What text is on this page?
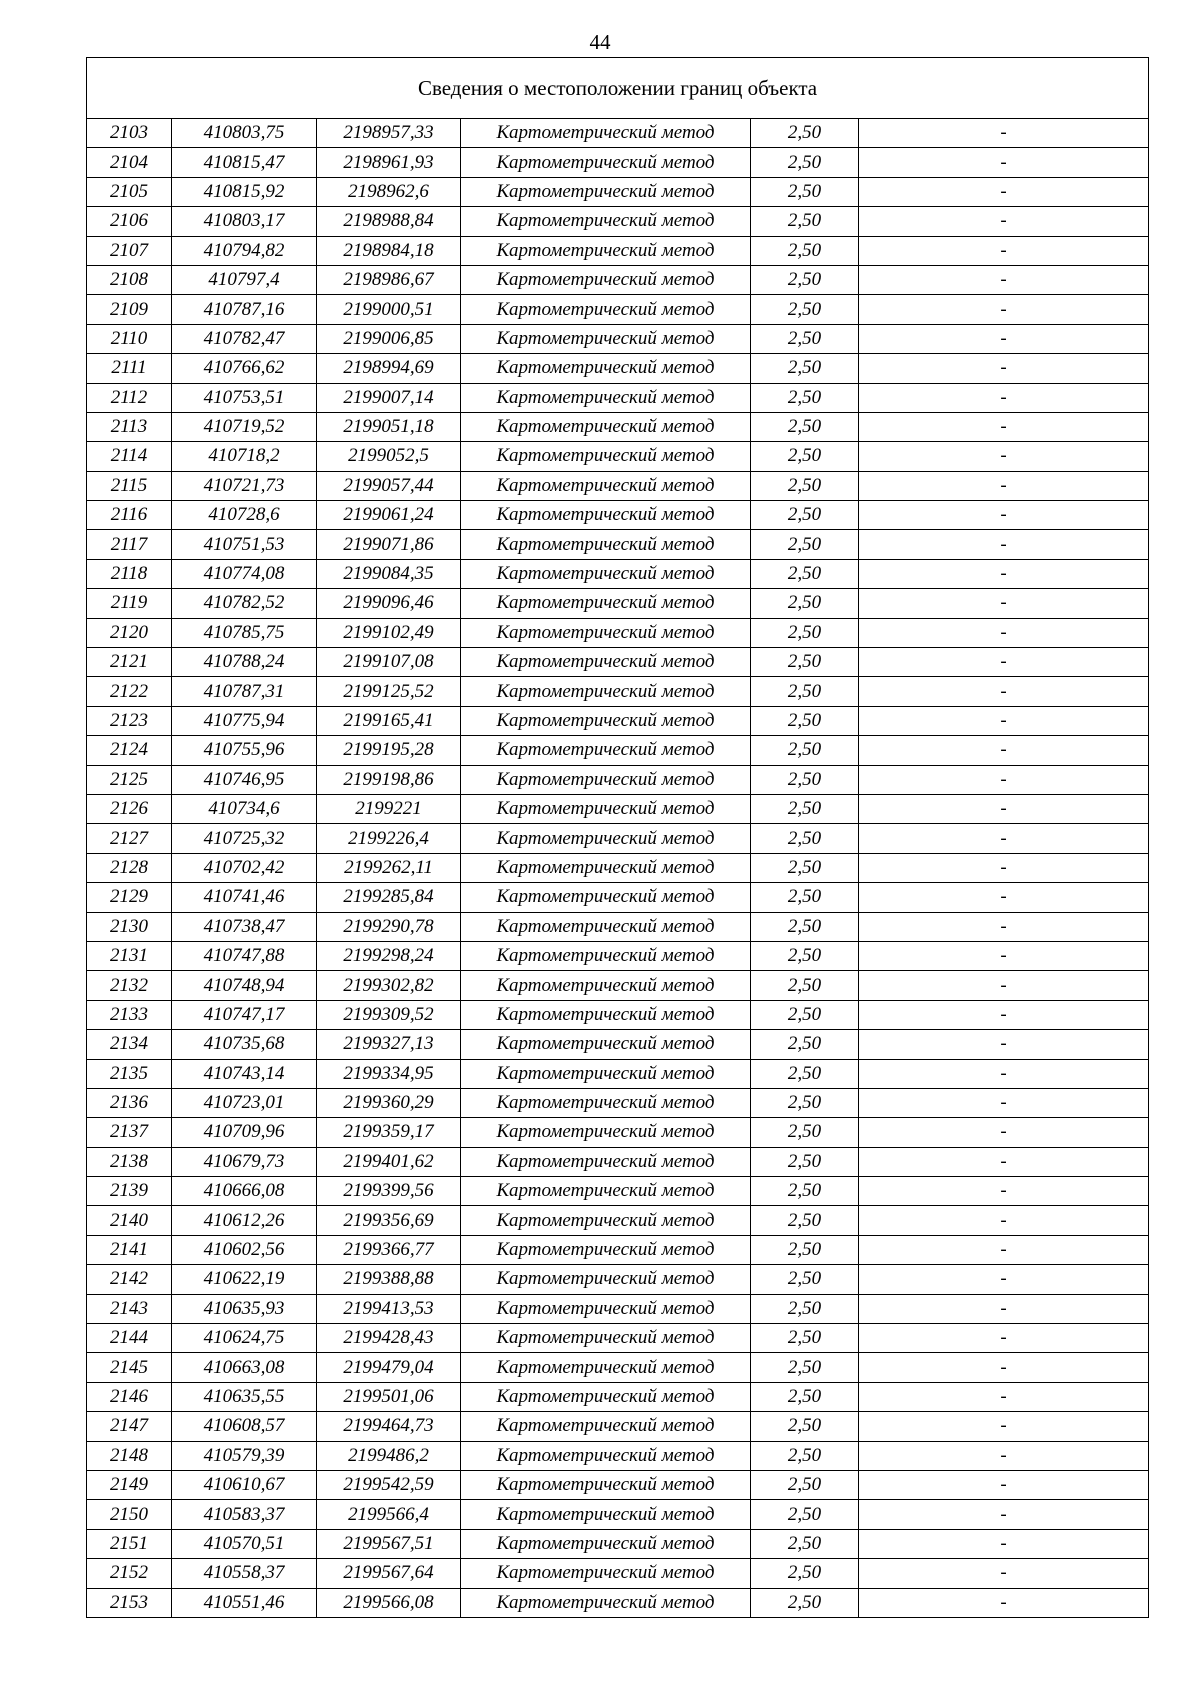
44
Сведения о местоположении границ объекта					
2103	410803,75	2198957,33	Картометрический метод	2,50	-
2104	410815,47	2198961,93	Картометрический метод	2,50	-
2105	410815,92	2198962,6	Картометрический метод	2,50	-
2106	410803,17	2198988,84	Картометрический метод	2,50	-
2107	410794,82	2198984,18	Картометрический метод	2,50	-
2108	410797,4	2198986,67	Картометрический метод	2,50	-
2109	410787,16	2199000,51	Картометрический метод	2,50	-
2110	410782,47	2199006,85	Картометрический метод	2,50	-
2111	410766,62	2198994,69	Картометрический метод	2,50	-
2112	410753,51	2199007,14	Картометрический метод	2,50	-
2113	410719,52	2199051,18	Картометрический метод	2,50	-
2114	410718,2	2199052,5	Картометрический метод	2,50	-
2115	410721,73	2199057,44	Картометрический метод	2,50	-
2116	410728,6	2199061,24	Картометрический метод	2,50	-
2117	410751,53	2199071,86	Картометрический метод	2,50	-
2118	410774,08	2199084,35	Картометрический метод	2,50	-
2119	410782,52	2199096,46	Картометрический метод	2,50	-
2120	410785,75	2199102,49	Картометрический метод	2,50	-
2121	410788,24	2199107,08	Картометрический метод	2,50	-
2122	410787,31	2199125,52	Картометрический метод	2,50	-
2123	410775,94	2199165,41	Картометрический метод	2,50	-
2124	410755,96	2199195,28	Картометрический метод	2,50	-
2125	410746,95	2199198,86	Картометрический метод	2,50	-
2126	410734,6	2199221	Картометрический метод	2,50	-
2127	410725,32	2199226,4	Картометрический метод	2,50	-
2128	410702,42	2199262,11	Картометрический метод	2,50	-
2129	410741,46	2199285,84	Картометрический метод	2,50	-
2130	410738,47	2199290,78	Картометрический метод	2,50	-
2131	410747,88	2199298,24	Картометрический метод	2,50	-
2132	410748,94	2199302,82	Картометрический метод	2,50	-
2133	410747,17	2199309,52	Картометрический метод	2,50	-
2134	410735,68	2199327,13	Картометрический метод	2,50	-
2135	410743,14	2199334,95	Картометрический метод	2,50	-
2136	410723,01	2199360,29	Картометрический метод	2,50	-
2137	410709,96	2199359,17	Картометрический метод	2,50	-
2138	410679,73	2199401,62	Картометрический метод	2,50	-
2139	410666,08	2199399,56	Картометрический метод	2,50	-
2140	410612,26	2199356,69	Картометрический метод	2,50	-
2141	410602,56	2199366,77	Картометрический метод	2,50	-
2142	410622,19	2199388,88	Картометрический метод	2,50	-
2143	410635,93	2199413,53	Картометрический метод	2,50	-
2144	410624,75	2199428,43	Картометрический метод	2,50	-
2145	410663,08	2199479,04	Картометрический метод	2,50	-
2146	410635,55	2199501,06	Картометрический метод	2,50	-
2147	410608,57	2199464,73	Картометрический метод	2,50	-
2148	410579,39	2199486,2	Картометрический метод	2,50	-
2149	410610,67	2199542,59	Картометрический метод	2,50	-
2150	410583,37	2199566,4	Картометрический метод	2,50	-
2151	410570,51	2199567,51	Картометрический метод	2,50	-
2152	410558,37	2199567,64	Картометрический метод	2,50	-
2153	410551,46	2199566,08	Картометрический метод	2,50	-
